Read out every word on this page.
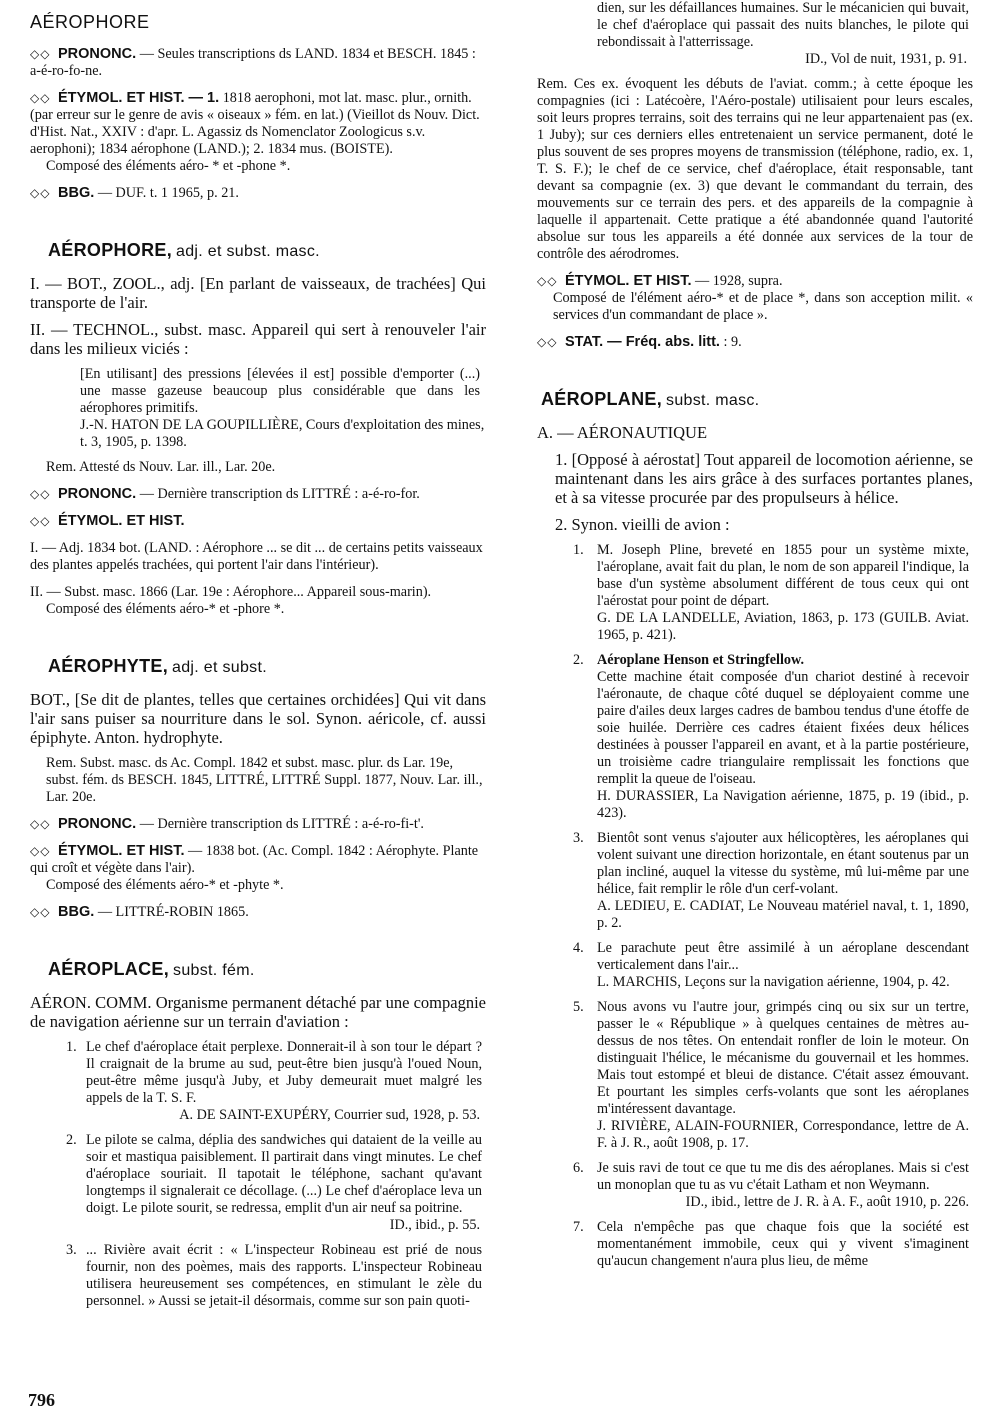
AÉROPHORE

◇◇ PRONONC. — Seules transcriptions ds LAND. 1834 et BESCH. 1845 : a-é-ro-fo-ne.

◇◇ ÉTYMOL. ET HIST. — 1. 1818 aerophoni, mot lat. masc. plur., ornith. (par erreur sur le genre de avis « oiseaux » fém. en lat.) (Vieillot ds Nouv. Dict. d'Hist. Nat., XXIV : d'apr. L. Agassiz ds Nomenclator Zoologicus s.v. aerophoni); 1834 aérophone (LAND.); 2. 1834 mus. (BOISTE).

Composé des éléments aéro- * et -phone *.

◇◇ BBG. — DUF. t. 1 1965, p. 21.

AÉROPHORE, adj. et subst. masc.

I. — BOT., ZOOL., adj. [En parlant de vaisseaux, de trachées] Qui transporte de l'air.

II. — TECHNOL., subst. masc. Appareil qui sert à renouveler l'air dans les milieux viciés :

[En utilisant] des pressions [élevées il est] possible d'emporter (...) une masse gazeuse beaucoup plus considérable que dans les aérophores primitifs.

J.-N. HATON DE LA GOUPILLIÈRE, Cours d'exploitation des mines, t. 3, 1905, p. 1398.

Rem. Attesté ds Nouv. Lar. ill., Lar. 20e.

◇◇ PRONONC. — Dernière transcription ds LITTRÉ : a-é-ro-for.

◇◇ ÉTYMOL. ET HIST.

I. — Adj. 1834 bot. (LAND. : Aérophore ... se dit ... de certains petits vaisseaux des plantes appelés trachées, qui portent l'air dans l'intérieur).

II. — Subst. masc. 1866 (Lar. 19e : Aérophore... Appareil sous-marin).

Composé des éléments aéro-* et -phore *.

AÉROPHYTE, adj. et subst.

BOT., [Se dit de plantes, telles que certaines orchidées] Qui vit dans l'air sans puiser sa nourriture dans le sol. Synon. aéricole, cf. aussi épiphyte. Anton. hydrophyte.

Rem. Subst. masc. ds Ac. Compl. 1842 et subst. masc. plur. ds Lar. 19e, subst. fém. ds BESCH. 1845, LITTRÉ, LITTRÉ Suppl. 1877, Nouv. Lar. ill., Lar. 20e.

◇◇ PRONONC. — Dernière transcription ds LITTRÉ : a-é-ro-fi-t'.

◇◇ ÉTYMOL. ET HIST. — 1838 bot. (Ac. Compl. 1842 : Aérophyte. Plante qui croît et végète dans l'air).

Composé des éléments aéro-* et -phyte *.

◇◇ BBG. — LITTRÉ-ROBIN 1865.

AÉROPLACE, subst. fém.

AÉRON. COMM. Organisme permanent détaché par une compagnie de navigation aérienne sur un terrain d'aviation :

1. Le chef d'aéroplace était perplexe. Donnerait-il à son tour le départ ? Il craignait de la brume au sud, peut-être bien jusqu'à l'oued Noun, peut-être même jusqu'à Juby, et Juby demeurait muet malgré les appels de la T. S. F.

A. DE SAINT-EXUPÉRY, Courrier sud, 1928, p. 53.

2. Le pilote se calma, déplia des sandwiches qui dataient de la veille au soir et mastiqua paisiblement. Il partirait dans vingt minutes. Le chef d'aéroplace souriait. Il tapotait le téléphone, sachant qu'avant longtemps il signalerait ce décollage. (...) Le chef d'aéroplace leva un doigt. Le pilote sourit, se redressa, emplit d'un air neuf sa poitrine.

ID., ibid., p. 55.

3. ... Rivière avait écrit : « L'inspecteur Robineau est prié de nous fournir, non des poèmes, mais des rapports. L'inspecteur Robineau utilisera heureusement ses compétences, en stimulant le zèle du personnel. » Aussi se jetait-il désormais, comme sur son pain quoti-

dien, sur les défaillances humaines. Sur le mécanicien qui buvait, le chef d'aéroplace qui passait des nuits blanches, le pilote qui rebondissait à l'atterrissage.

ID., Vol de nuit, 1931, p. 91.

Rem. Ces ex. évoquent les débuts de l'aviat. comm.; à cette époque les compagnies (ici : Latécoère, l'Aéro-postale) utilisaient pour leurs escales, soit leurs propres terrains, soit des terrains qui ne leur appartenaient pas (ex. 1 Juby); sur ces derniers elles entretenaient un service permanent, doté le plus souvent de ses propres moyens de transmission (téléphone, radio, ex. 1, T. S. F.); le chef de ce service, chef d'aéroplace, était responsable, tant devant sa compagnie (ex. 3) que devant le commandant du terrain, des mouvements sur ce terrain des pers. et des appareils de la compagnie à laquelle il appartenait. Cette pratique a été abandonnée quand l'autorité absolue sur tous les appareils a été donnée aux services de la tour de contrôle des aérodromes.

◇◇ ÉTYMOL. ET HIST. — 1928, supra.

Composé de l'élément aéro-* et de place *, dans son acception milit. « services d'un commandant de place ».

◇◇ STAT. — Fréq. abs. litt. : 9.

AÉROPLANE, subst. masc.

A. — AÉRONAUTIQUE

1. [Opposé à aérostat] Tout appareil de locomotion aérienne, se maintenant dans les airs grâce à des surfaces portantes planes, et à sa vitesse procurée par des propulseurs à hélice.

2. Synon. vieilli de avion :

1. M. Joseph Pline, breveté en 1855 pour un système mixte, l'aéroplane, avait fait du plan, le nom de son appareil l'indique, la base d'un système absolument différent de tous ceux qui ont l'aérostat pour point de départ.

G. DE LA LANDELLE, Aviation, 1863, p. 173 (GUILB. Aviat. 1965, p. 421).

2. Aéroplane Henson et Stringfellow.

Cette machine était composée d'un chariot destiné à recevoir l'aéronaute, de chaque côté duquel se déployaient comme une paire d'ailes deux larges cadres de bambou tendus d'une étoffe de soie huilée. Derrière ces cadres étaient fixées deux hélices destinées à pousser l'appareil en avant, et à la partie postérieure, un troisième cadre triangulaire remplissait les fonctions que remplit la queue de l'oiseau.

H. DURASSIER, La Navigation aérienne, 1875, p. 19 (ibid., p. 423).

3. Bientôt sont venus s'ajouter aux hélicoptères, les aéroplanes qui volent suivant une direction horizontale, en étant soutenus par un plan incliné, auquel la vitesse du système, mû lui-même par une hélice, fait remplir le rôle d'un cerf-volant.

A. LEDIEU, E. CADIAT, Le Nouveau matériel naval, t. 1, 1890, p. 2.

4. Le parachute peut être assimilé à un aéroplane descendant verticalement dans l'air...

L. MARCHIS, Leçons sur la navigation aérienne, 1904, p. 42.

5. Nous avons vu l'autre jour, grimpés cinq ou six sur un tertre, passer le « République » à quelques centaines de mètres au-dessus de nos têtes. On entendait ronfler de loin le moteur. On distinguait l'hélice, le mécanisme du gouvernail et les hommes. Mais tout estompé et bleui de distance. C'était assez émouvant. Et pourtant les simples cerfs-volants que sont les aéroplanes m'intéressent davantage.

J. RIVIÈRE, ALAIN-FOURNIER, Correspondance, lettre de A. F. à J. R., août 1908, p. 17.

6. Je suis ravi de tout ce que tu me dis des aéroplanes. Mais si c'est un monoplan que tu as vu c'était Latham et non Weymann.

ID., ibid., lettre de J. R. à A. F., août 1910, p. 226.

7. Cela n'empêche pas que chaque fois que la société est momentanément immobile, ceux qui y vivent s'imaginent qu'aucun changement n'aura plus lieu, de même

796
